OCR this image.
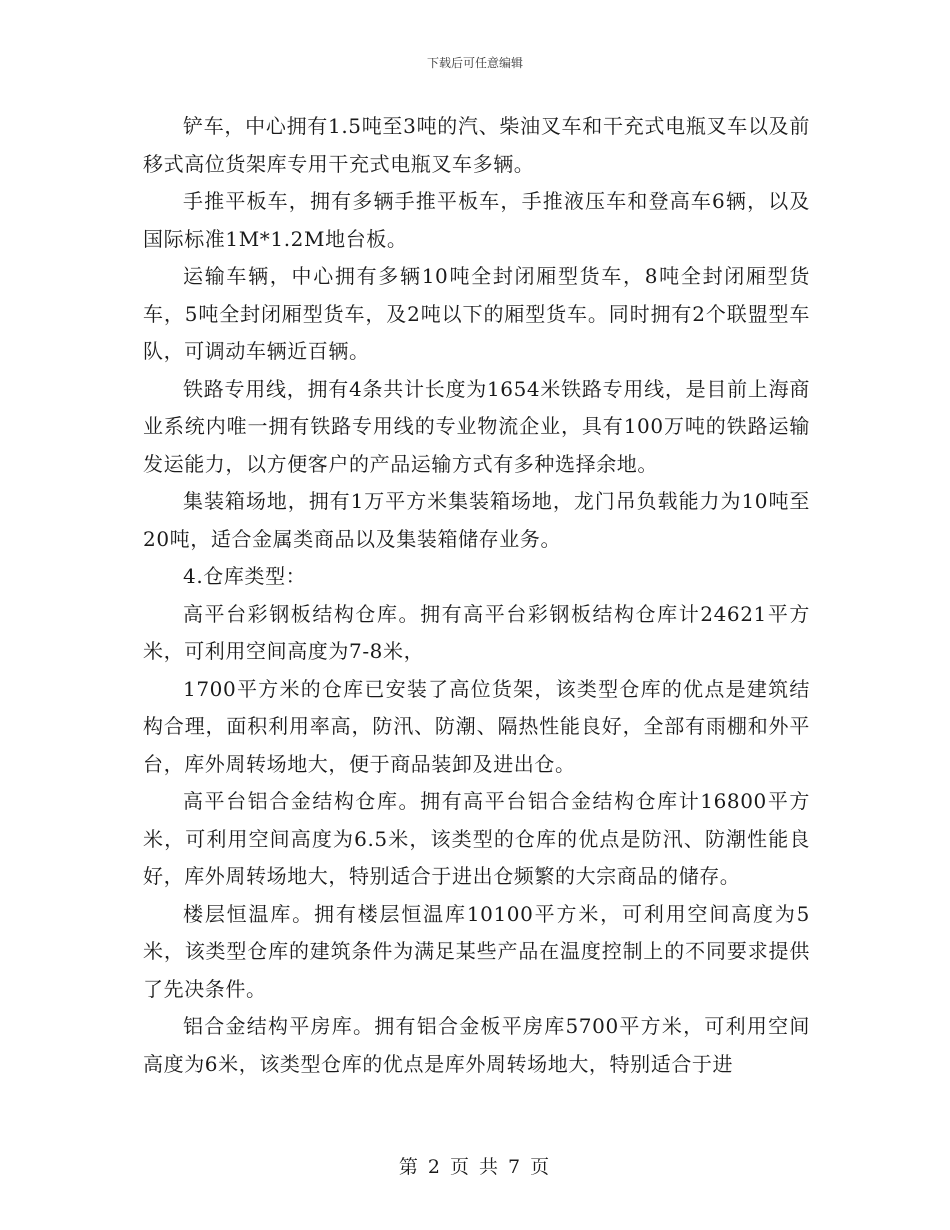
下载后可任意编辑

铲车，中心拥有1.5吨至3吨的汽、柴油叉车和干充式电瓶叉车以及前移式高位货架库专用干充式电瓶叉车多辆。

手推平板车，拥有多辆手推平板车，手推液压车和登高车6辆，以及国际标准1M*1.2M地台板。

运输车辆，中心拥有多辆10吨全封闭厢型货车，8吨全封闭厢型货车，5吨全封闭厢型货车，及2吨以下的厢型货车。同时拥有2个联盟型车队，可调动车辆近百辆。

铁路专用线，拥有4条共计长度为1654米铁路专用线，是目前上海商业系统内唯一拥有铁路专用线的专业物流企业，具有100万吨的铁路运输发运能力，以方便客户的产品运输方式有多种选择余地。

集装箱场地，拥有1万平方米集装箱场地，龙门吊负载能力为10吨至20吨，适合金属类商品以及集装箱储存业务。

4.仓库类型：

高平台彩钢板结构仓库。拥有高平台彩钢板结构仓库计24621平方米，可利用空间高度为7-8米，

1700平方米的仓库已安装了高位货架，该类型仓库的优点是建筑结构合理，面积利用率高，防汛、防潮、隔热性能良好，全部有雨棚和外平台，库外周转场地大，便于商品装卸及进出仓。

高平台铝合金结构仓库。拥有高平台铝合金结构仓库计16800平方米，可利用空间高度为6.5米，该类型的仓库的优点是防汛、防潮性能良好，库外周转场地大，特别适合于进出仓频繁的大宗商品的储存。

楼层恒温库。拥有楼层恒温库10100平方米，可利用空间高度为5米，该类型仓库的建筑条件为满足某些产品在温度控制上的不同要求提供了先决条件。

铝合金结构平房库。拥有铝合金板平房库5700平方米，可利用空间高度为6米，该类型仓库的优点是库外周转场地大，特别适合于进

第 2 页 共 7 页
